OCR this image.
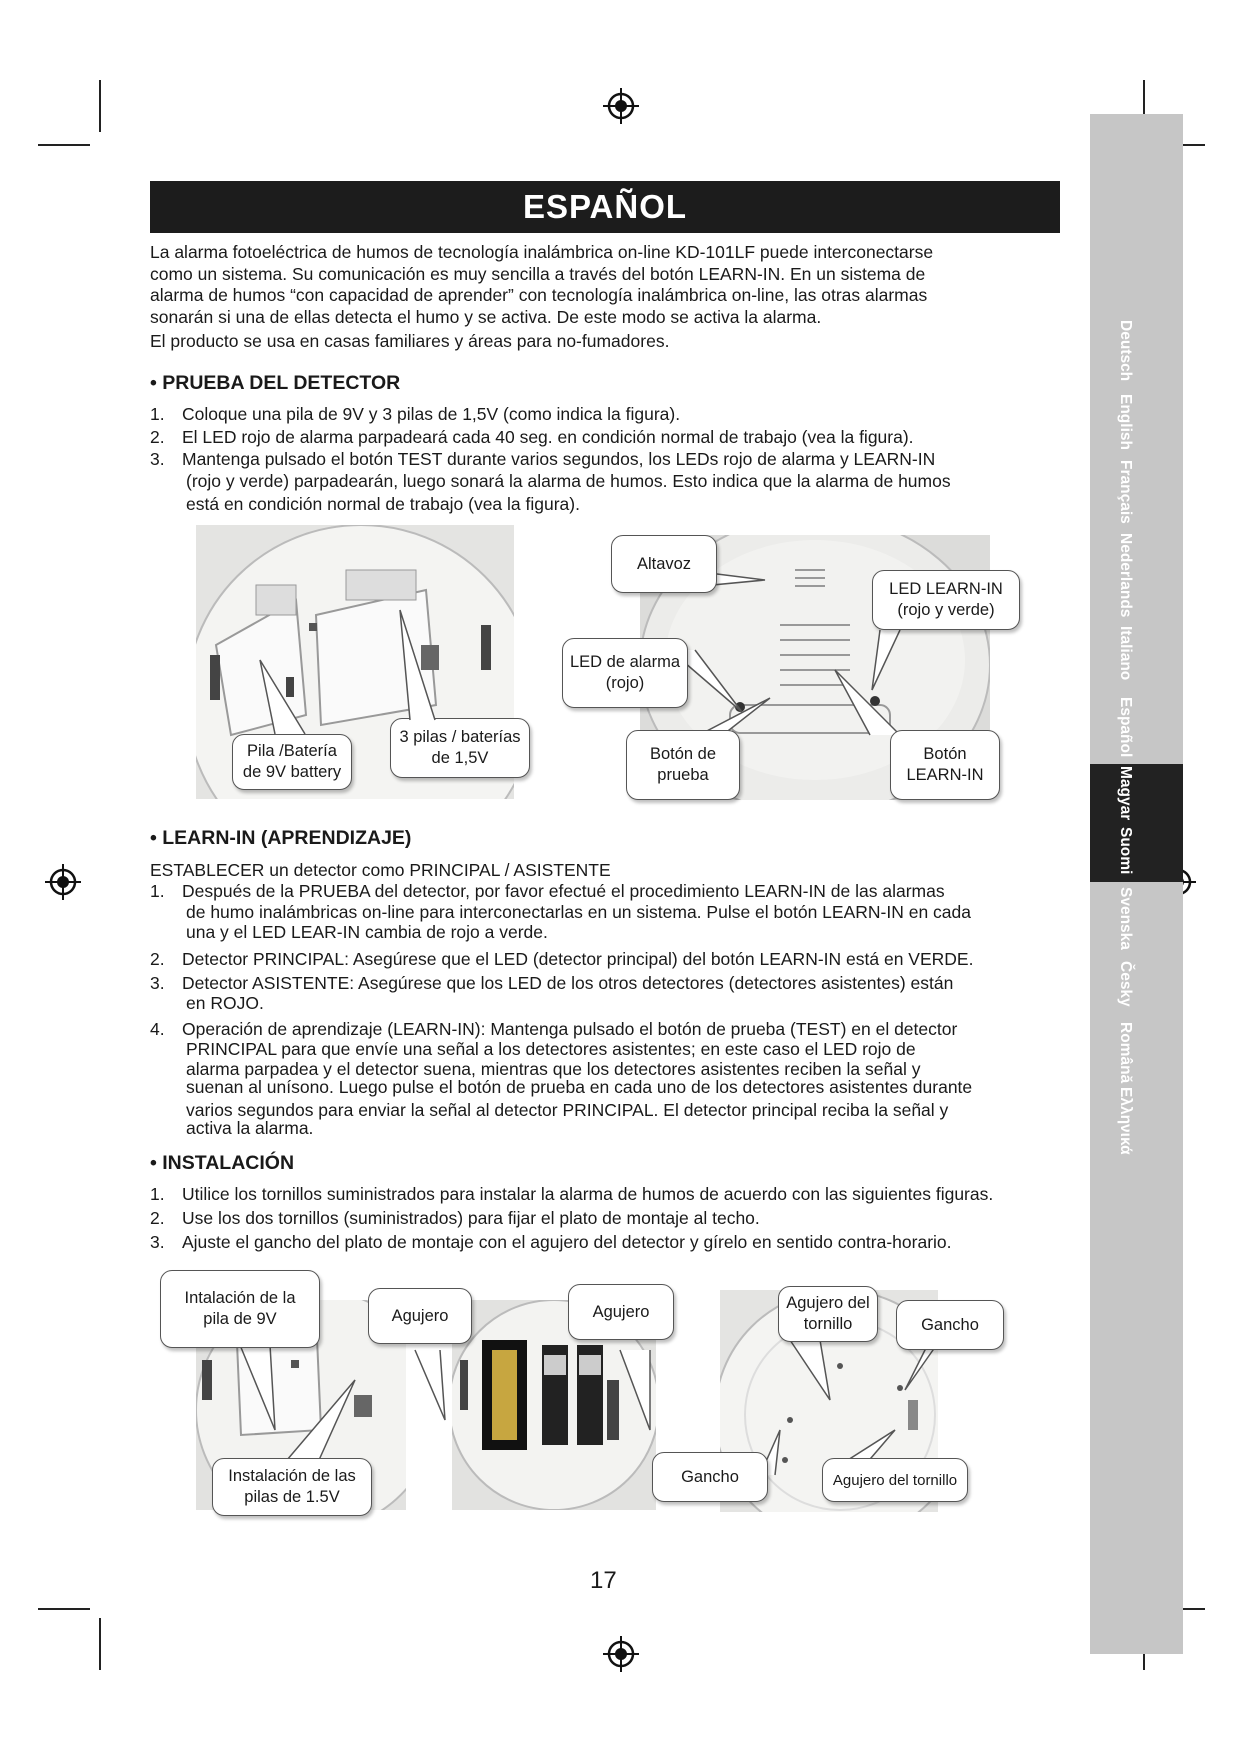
Deutsch
English
Français
Nederlands
Italiano
Español
Magyar
Suomi
Svenska
Česky
Română
Ελληνικά
ESPAÑOL
La alarma fotoeléctrica de humos de tecnología inalámbrica on-line KD-101LF puede interconectarse
como un sistema. Su comunicación es muy sencilla a través del botón LEARN-IN. En un sistema de
alarma de humos “con capacidad de aprender” con tecnología inalámbrica on-line, las otras alarmas
sonarán si una de ellas detecta el humo y se activa. De este modo se activa la alarma.
El producto se usa en casas familiares y áreas para no-fumadores.
• PRUEBA DEL DETECTOR
1. Coloque una pila de 9V y 3 pilas de 1,5V (como indica la figura).
2. El LED rojo de alarma parpadeará cada 40 seg. en condición normal de trabajo (vea la figura).
3. Mantenga pulsado el botón TEST durante varios segundos, los LEDs rojo de alarma y LEARN-IN
(rojo y verde) parpadearán, luego sonará la alarma de humos. Esto indica que la alarma de humos
está en condición normal de trabajo (vea la figura).
Pila /Batería
de 9V battery
3 pilas / baterías
de 1,5V
Altavoz
LED LEARN-IN
(rojo y verde)
LED de alarma
(rojo)
Botón de
prueba
Botón
LEARN-IN
• LEARN-IN (APRENDIZAJE)
ESTABLECER un detector como PRINCIPAL / ASISTENTE
1. Después de la PRUEBA del detector, por favor efectué el procedimiento LEARN-IN de las alarmas
de humo inalámbricas on-line para interconectarlas en un sistema. Pulse el botón LEARN-IN en cada
una y el LED LEAR-IN cambia de rojo a verde.
2. Detector PRINCIPAL: Asegúrese que el LED (detector principal) del botón LEARN-IN está en VERDE.
3. Detector ASISTENTE: Asegúrese que los LED de los otros detectores (detectores asistentes) están
en ROJO.
4. Operación de aprendizaje (LEARN-IN): Mantenga pulsado el botón de prueba (TEST) en el detector
PRINCIPAL para que envíe una señal a los detectores asistentes; en este caso el LED rojo de
alarma parpadea y el detector suena, mientras que los detectores asistentes reciben la señal y
suenan al unísono. Luego pulse el botón de prueba en cada uno de los detectores asistentes durante
varios segundos para enviar la señal al detector PRINCIPAL. El detector principal reciba la señal y
activa la alarma.
• INSTALACIÓN
1. Utilice los tornillos suministrados para instalar la alarma de humos de acuerdo con las siguientes figuras.
2. Use los dos tornillos (suministrados) para fijar el plato de montaje al techo.
3. Ajuste el gancho del plato de montaje con el agujero del detector y gírelo en sentido contra-horario.
Intalación de la
pila de 9V
Instalación de las
pilas de 1.5V
Agujero	Agujero	Agujero del
tornillo	Gancho
Gancho	Agujero del tornillo
17
